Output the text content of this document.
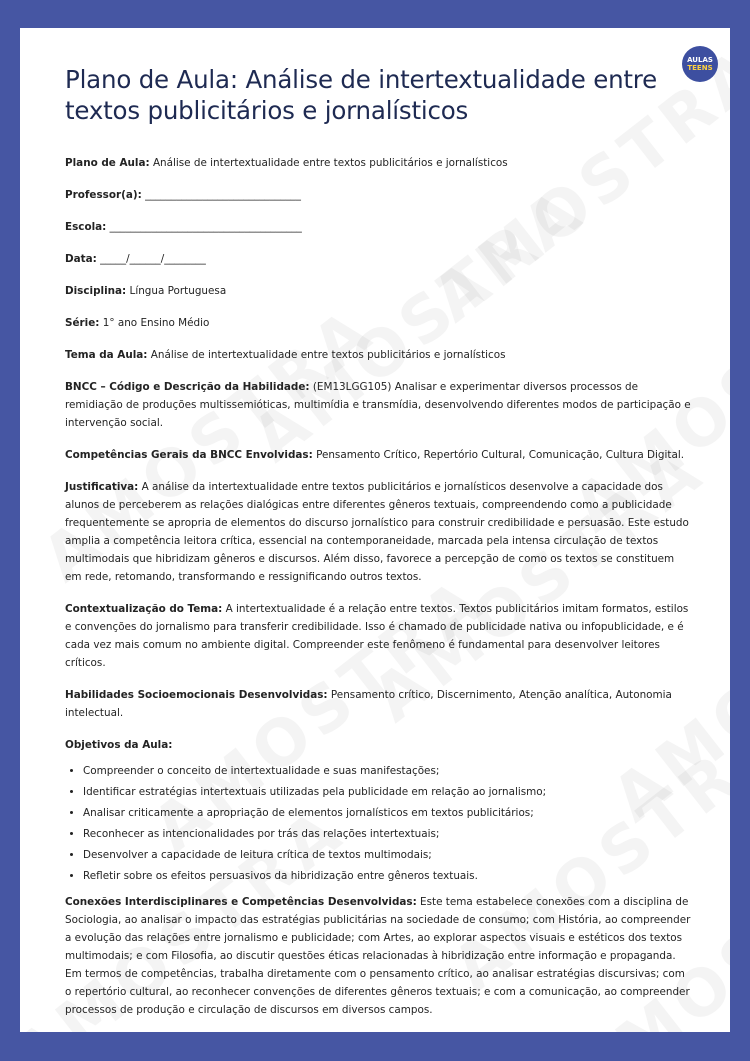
AULAS
TEENS
Plano de Aula: Análise de intertextualidade entre textos publicitários e jornalísticos

Plano de Aula: Análise de intertextualidade entre textos publicitários e jornalísticos

Professor(a): ______________________________

Escola: _____________________________________

Data: _____/______/________

Disciplina: Língua Portuguesa

Série: 1° ano Ensino Médio

Tema da Aula: Análise de intertextualidade entre textos publicitários e jornalísticos

BNCC – Código e Descrição da Habilidade: (EM13LGG105) Analisar e experimentar diversos processos de remidiação de produções multissemióticas, multimídia e transmídia, desenvolvendo diferentes modos de participação e intervenção social.

Competências Gerais da BNCC Envolvidas: Pensamento Crítico, Repertório Cultural, Comunicação, Cultura Digital.

Justificativa: A análise da intertextualidade entre textos publicitários e jornalísticos desenvolve a capacidade dos alunos de perceberem as relações dialógicas entre diferentes gêneros textuais, compreendendo como a publicidade frequentemente se apropria de elementos do discurso jornalístico para construir credibilidade e persuasão. Este estudo amplia a competência leitora crítica, essencial na contemporaneidade, marcada pela intensa circulação de textos multimodais que hibridizam gêneros e discursos. Além disso, favorece a percepção de como os textos se constituem em rede, retomando, transformando e ressignificando outros textos.

Contextualização do Tema: A intertextualidade é a relação entre textos. Textos publicitários imitam formatos, estilos e convenções do jornalismo para transferir credibilidade. Isso é chamado de publicidade nativa ou infopublicidade, e é cada vez mais comum no ambiente digital. Compreender este fenômeno é fundamental para desenvolver leitores críticos.

Habilidades Socioemocionais Desenvolvidas: Pensamento crítico, Discernimento, Atenção analítica, Autonomia intelectual.

Objetivos da Aula:

• Compreender o conceito de intertextualidade e suas manifestações;
• Identificar estratégias intertextuais utilizadas pela publicidade em relação ao jornalismo;
• Analisar criticamente a apropriação de elementos jornalísticos em textos publicitários;
• Reconhecer as intencionalidades por trás das relações intertextuais;
• Desenvolver a capacidade de leitura crítica de textos multimodais;
• Refletir sobre os efeitos persuasivos da hibridização entre gêneros textuais.

Conexões Interdisciplinares e Competências Desenvolvidas: Este tema estabelece conexões com a disciplina de Sociologia, ao analisar o impacto das estratégias publicitárias na sociedade de consumo; com História, ao compreender a evolução das relações entre jornalismo e publicidade; com Artes, ao explorar aspectos visuais e estéticos dos textos multimodais; e com Filosofia, ao discutir questões éticas relacionadas à hibridização entre informação e propaganda. Em termos de competências, trabalha diretamente com o pensamento crítico, ao analisar estratégias discursivas; com o repertório cultural, ao reconhecer convenções de diferentes gêneros textuais; e com a comunicação, ao compreender processos de produção e circulação de discursos em diversos campos.
